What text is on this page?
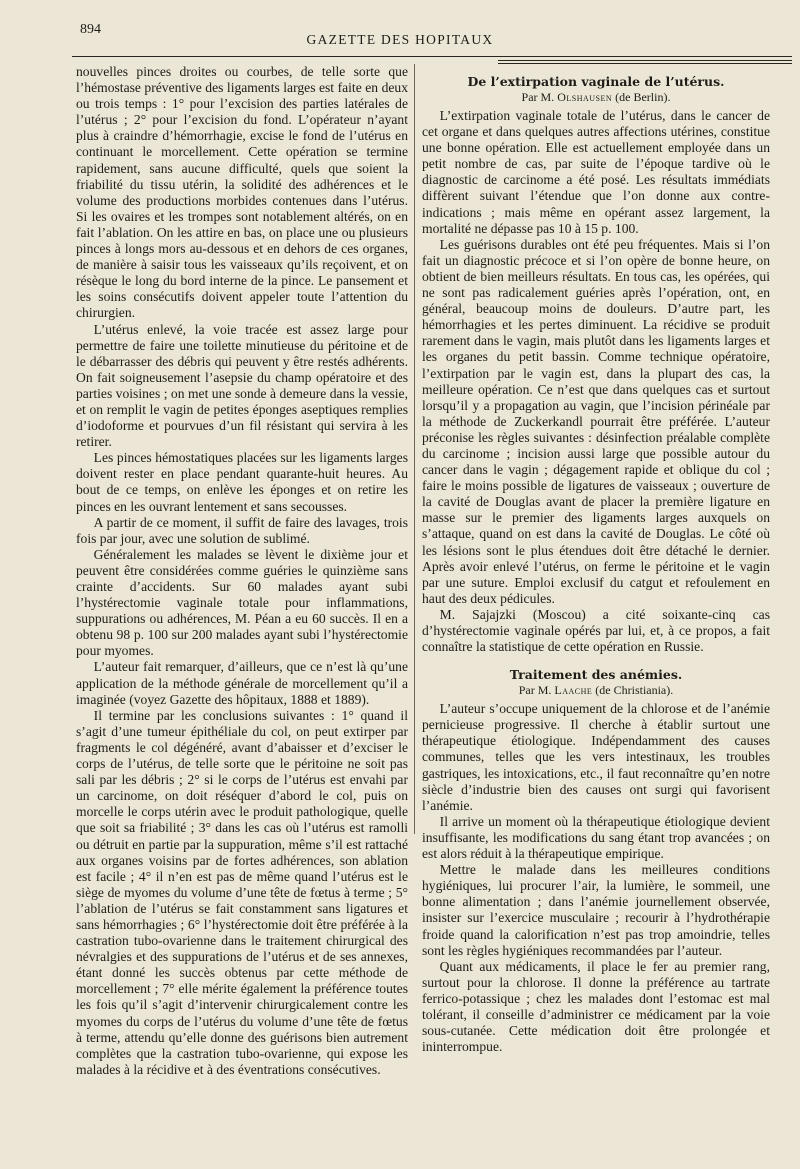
894
GAZETTE DES HOPITAUX

nouvelles pinces droites ou courbes, de telle sorte que l’hémostase préventive des ligaments larges est faite en deux ou trois temps : 1° pour l’excision des parties latérales de l’utérus ; 2° pour l’excision du fond. L’opérateur n’ayant plus à craindre d’hémorrhagie, excise le fond de l’utérus en continuant le morcellement. Cette opération se termine rapidement, sans aucune difficulté, quels que soient la friabilité du tissu utérin, la solidité des adhérences et le volume des productions morbides contenues dans l’utérus. Si les ovaires et les trompes sont notablement altérés, on en fait l’ablation. On les attire en bas, on place une ou plusieurs pinces à longs mors au-dessous et en dehors de ces organes, de manière à saisir tous les vaisseaux qu’ils reçoivent, et on résèque le long du bord interne de la pince. Le pansement et les soins consécutifs doivent appeler toute l’attention du chirurgien.

L’utérus enlevé, la voie tracée est assez large pour permettre de faire une toilette minutieuse du péritoine et de le débarrasser des débris qui peuvent y être restés adhérents. On fait soigneusement l’asepsie du champ opératoire et des parties voisines ; on met une sonde à demeure dans la vessie, et on remplit le vagin de petites éponges aseptiques remplies d’iodoforme et pourvues d’un fil résistant qui servira à les retirer.

Les pinces hémostatiques placées sur les ligaments larges doivent rester en place pendant quarante-huit heures. Au bout de ce temps, on enlève les éponges et on retire les pinces en les ouvrant lentement et sans secousses.

A partir de ce moment, il suffit de faire des lavages, trois fois par jour, avec une solution de sublimé.

Généralement les malades se lèvent le dixième jour et peuvent être considérées comme guéries le quinzième sans crainte d’accidents. Sur 60 malades ayant subi l’hystérectomie vaginale totale pour inflammations, suppurations ou adhérences, M. Péan a eu 60 succès. Il en a obtenu 98 p. 100 sur 200 malades ayant subi l’hystérectomie pour myomes.

L’auteur fait remarquer, d’ailleurs, que ce n’est là qu’une application de la méthode générale de morcellement qu’il a imaginée (voyez Gazette des hôpitaux, 1888 et 1889).

Il termine par les conclusions suivantes : 1° quand il s’agit d’une tumeur épithéliale du col, on peut extirper par fragments le col dégénéré, avant d’abaisser et d’exciser le corps de l’utérus, de telle sorte que le péritoine ne soit pas sali par les débris ; 2° si le corps de l’utérus est envahi par un carcinome, on doit réséquer d’abord le col, puis on morcelle le corps utérin avec le produit pathologique, quelle que soit sa friabilité ; 3° dans les cas où l’utérus est ramolli ou détruit en partie par la suppuration, même s’il est rattaché aux organes voisins par de fortes adhérences, son ablation est facile ; 4° il n’en est pas de même quand l’utérus est le siège de myomes du volume d’une tête de fœtus à terme ; 5° l’ablation de l’utérus se fait constamment sans ligatures et sans hémorrhagies ; 6° l’hystérectomie doit être préférée à la castration tubo-ovarienne dans le traitement chirurgical des névralgies et des suppurations de l’utérus et de ses annexes, étant donné les succès obtenus par cette méthode de morcellement ; 7° elle mérite également la préférence toutes les fois qu’il s’agit d’intervenir chirurgicalement contre les myomes du corps de l’utérus du volume d’une tête de fœtus à terme, attendu qu’elle donne des guérisons bien autrement complètes que la castration tubo-ovarienne, qui expose les malades à la récidive et à des éventrations consécutives.

De l’extirpation vaginale de l’utérus.
Par M. Olshausen (de Berlin).

L’extirpation vaginale totale de l’utérus, dans le cancer de cet organe et dans quelques autres affections utérines, constitue une bonne opération. Elle est actuellement employée dans un petit nombre de cas, par suite de l’époque tardive où le diagnostic de carcinome a été posé. Les résultats immédiats diffèrent suivant l’étendue que l’on donne aux contre-indications ; mais même en opérant assez largement, la mortalité ne dépasse pas 10 à 15 p. 100.

Les guérisons durables ont été peu fréquentes. Mais si l’on fait un diagnostic précoce et si l’on opère de bonne heure, on obtient de bien meilleurs résultats. En tous cas, les opérées, qui ne sont pas radicalement guéries après l’opération, ont, en général, beaucoup moins de douleurs. D’autre part, les hémorrhagies et les pertes diminuent. La récidive se produit rarement dans le vagin, mais plutôt dans les ligaments larges et les organes du petit bassin. Comme technique opératoire, l’extirpation par le vagin est, dans la plupart des cas, la meilleure opération. Ce n’est que dans quelques cas et surtout lorsqu’il y a propagation au vagin, que l’incision périnéale par la méthode de Zuckerkandl pourrait être préférée. L’auteur préconise les règles suivantes : désinfection préalable complète du carcinome ; incision aussi large que possible autour du cancer dans le vagin ; dégagement rapide et oblique du col ; faire le moins possible de ligatures de vaisseaux ; ouverture de la cavité de Douglas avant de placer la première ligature en masse sur le premier des ligaments larges auxquels on s’attaque, quand on est dans la cavité de Douglas. Le côté où les lésions sont le plus étendues doit être détaché le dernier. Après avoir enlevé l’utérus, on ferme le péritoine et le vagin par une suture. Emploi exclusif du catgut et refoulement en haut des deux pédicules.

M. Sajajzki (Moscou) a cité soixante-cinq cas d’hystérectomie vaginale opérés par lui, et, à ce propos, a fait connaître la statistique de cette opération en Russie.

Traitement des anémies.
Par M. Laache (de Christiania).

L’auteur s’occupe uniquement de la chlorose et de l’anémie pernicieuse progressive. Il cherche à établir surtout une thérapeutique étiologique. Indépendamment des causes communes, telles que les vers intestinaux, les troubles gastriques, les intoxications, etc., il faut reconnaître qu’en notre siècle d’industrie bien des causes ont surgi qui favorisent l’anémie.

Il arrive un moment où la thérapeutique étiologique devient insuffisante, les modifications du sang étant trop avancées ; on est alors réduit à la thérapeutique empirique.

Mettre le malade dans les meilleures conditions hygiéniques, lui procurer l’air, la lumière, le sommeil, une bonne alimentation ; dans l’anémie journellement observée, insister sur l’exercice musculaire ; recourir à l’hydrothérapie froide quand la calorification n’est pas trop amoindrie, telles sont les règles hygiéniques recommandées par l’auteur.

Quant aux médicaments, il place le fer au premier rang, surtout pour la chlorose. Il donne la préférence au tartrate ferrico-potassique ; chez les malades dont l’estomac est mal tolérant, il conseille d’administrer ce médicament par la voie sous-cutanée. Cette médication doit être prolongée et ininterrompue.
